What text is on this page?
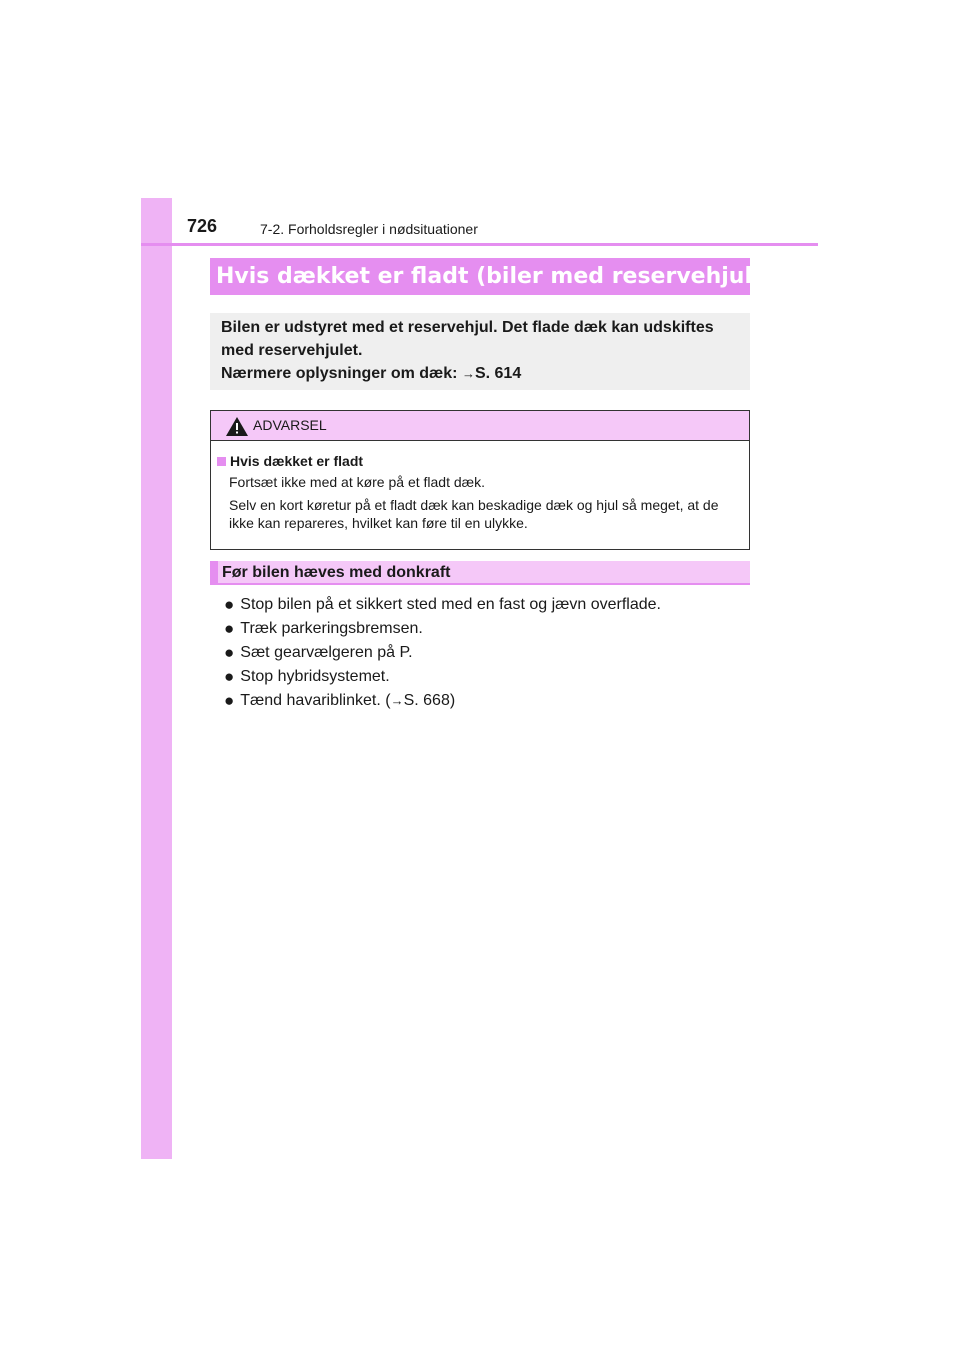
726	7-2. Forholdsregler i nødsituationer
Hvis dækket er fladt (biler med reservehjul)

Bilen er udstyret med et reservehjul. Det flade dæk kan udskiftes

med reservehjulet.

Nærmere oplysninger om dæk: →S. 614

ADVARSEL
Hvis dækket er fladt

Fortsæt ikke med at køre på et fladt dæk.

Selv en kort køretur på et fladt dæk kan beskadige dæk og hjul så meget, at de ikke kan repareres, hvilket kan føre til en ulykke.

Før bilen hæves med donkraft
● Stop bilen på et sikkert sted med en fast og jævn overflade.
● Træk parkeringsbremsen.
● Sæt gearvælgeren på P.
● Stop hybridsystemet.
● Tænd havariblinket. ( → S. 668)
